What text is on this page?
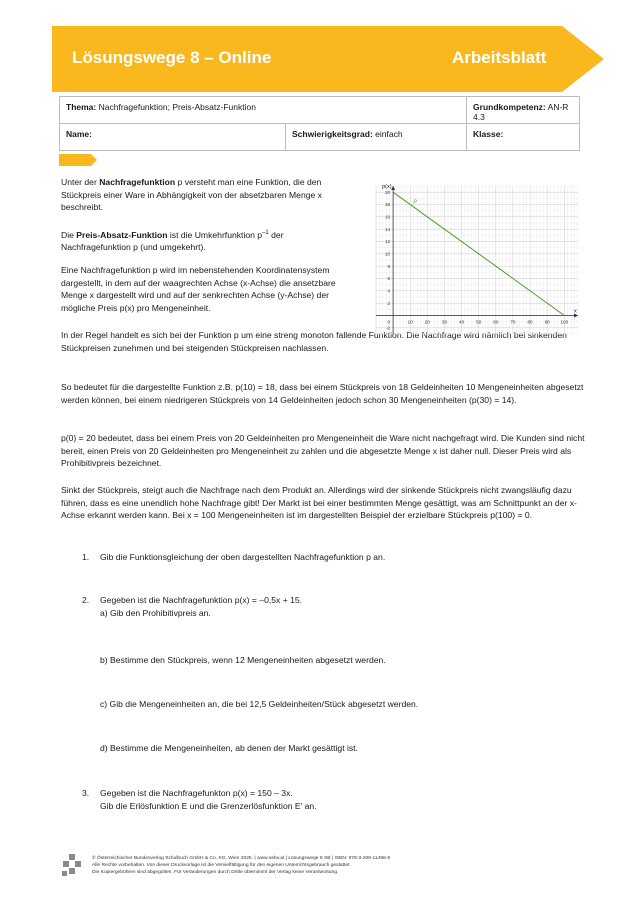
Lösungswege 8 – Online	Arbeitsblatt
Thema: Nachfragefunktion; Preis-Absatz-Funktion		Grundkompetenz: AN-R 4.3
Name:	Schwierigkeitsgrad: einfach	Klasse:

Unter der Nachfragefunktion p versteht man eine Funktion, die den Stückpreis einer Ware in Abhängigkeit von der absetzbaren Menge x beschreibt.

Die Preis-Absatz-Funktion ist die Umkehrfunktion $p^{-1}$ der Nachfragefunktion p (und umgekehrt).

Eine Nachfragefunktion p wird im nebenstehenden Koordinatensystem dargestellt, in dem auf der waagrechten Achse (x-Achse) die ansetzbare Menge x dargestellt wird und auf der senkrechten Achse (y-Achse) der mögliche Preis p(x) pro Mengeneinheit.

In der Regel handelt es sich bei der Funktion p um eine streng monoton fallende Funktion. Die Nachfrage wird nämlich bei sinkenden Stückpreisen zunehmen und bei steigenden Stückpreisen nachlassen.

So bedeutet für die dargestellte Funktion z.B. p(10) = 18, dass bei einem Stückpreis von 18 Geldeinheiten 10 Mengeneinheiten abgesetzt werden können, bei einem niedrigeren Stückpreis von 14 Geldeinheiten jedoch schon 30 Mengeneinheiten (p(30) = 14).

p(0) = 20 bedeutet, dass bei einem Preis von 20 Geldeinheiten pro Mengeneinheit die Ware nicht nachgefragt wird. Die Kunden sind nicht bereit, einen Preis von 20 Geldeinheiten pro Mengeneinheit zu zahlen und die abgesetzte Menge x ist daher null. Dieser Preis wird als Prohibitivpreis bezeichnet.

Sinkt der Stückpreis, steigt auch die Nachfrage nach dem Produkt an. Allerdings wird der sinkende Stückpreis nicht zwangsläufig dazu führen, dass es eine unendlich hohe Nachfrage gibt! Der Markt ist bei einer bestimmten Menge gesättigt, was am Schnittpunkt an der x-Achse erkannt werden kann. Bei x = 100 Mengeneinheiten ist im dargestellten Beispiel der erzielbare Stückpreis p(100) = 0.

10	20	30	40	50	60	70	80	90 100
20
18
16
14
12
10
8
6
4
2
-2
0
x
p(x)
p
1.	Gib die Funktionsgleichung der oben dargestellten Nachfragefunktion p an.
2.	Gegeben ist die Nachfragefunktion p(x) = –0,5x + 15.
a) Gib den Prohibitivpreis an.
b) Bestimme den Stückpreis, wenn 12 Mengeneinheiten abgesetzt werden.
c) Gib die Mengeneinheiten an, die bei 12,5 Geldeinheiten/Stück abgesetzt werden.
d) Bestimme die Mengeneinheiten, ab denen der Markt gesättigt ist.
3.	Gegeben ist die Nachfragefunkton p(x) = 150 – 3x.
Gib die Erlösfunktion E und die Grenzerlösfunktion E′ an.
© Österreichischer Bundesverlag Schulbuch GmbH & Co. KG, Wien 2025. | www.oebv.at | Lösungswege 8 SB | ISBN: 978-3-209-11496-9
Alle Rechte vorbehalten. Von dieser Druckvorlage ist die Vervielfältigung für den eigenen Unterrichtsgebrauch gestattet.
Die Kopiergebühren sind abgegolten. Für Veränderungen durch Dritte übernimmt der Verlag keine Verantwortung.
